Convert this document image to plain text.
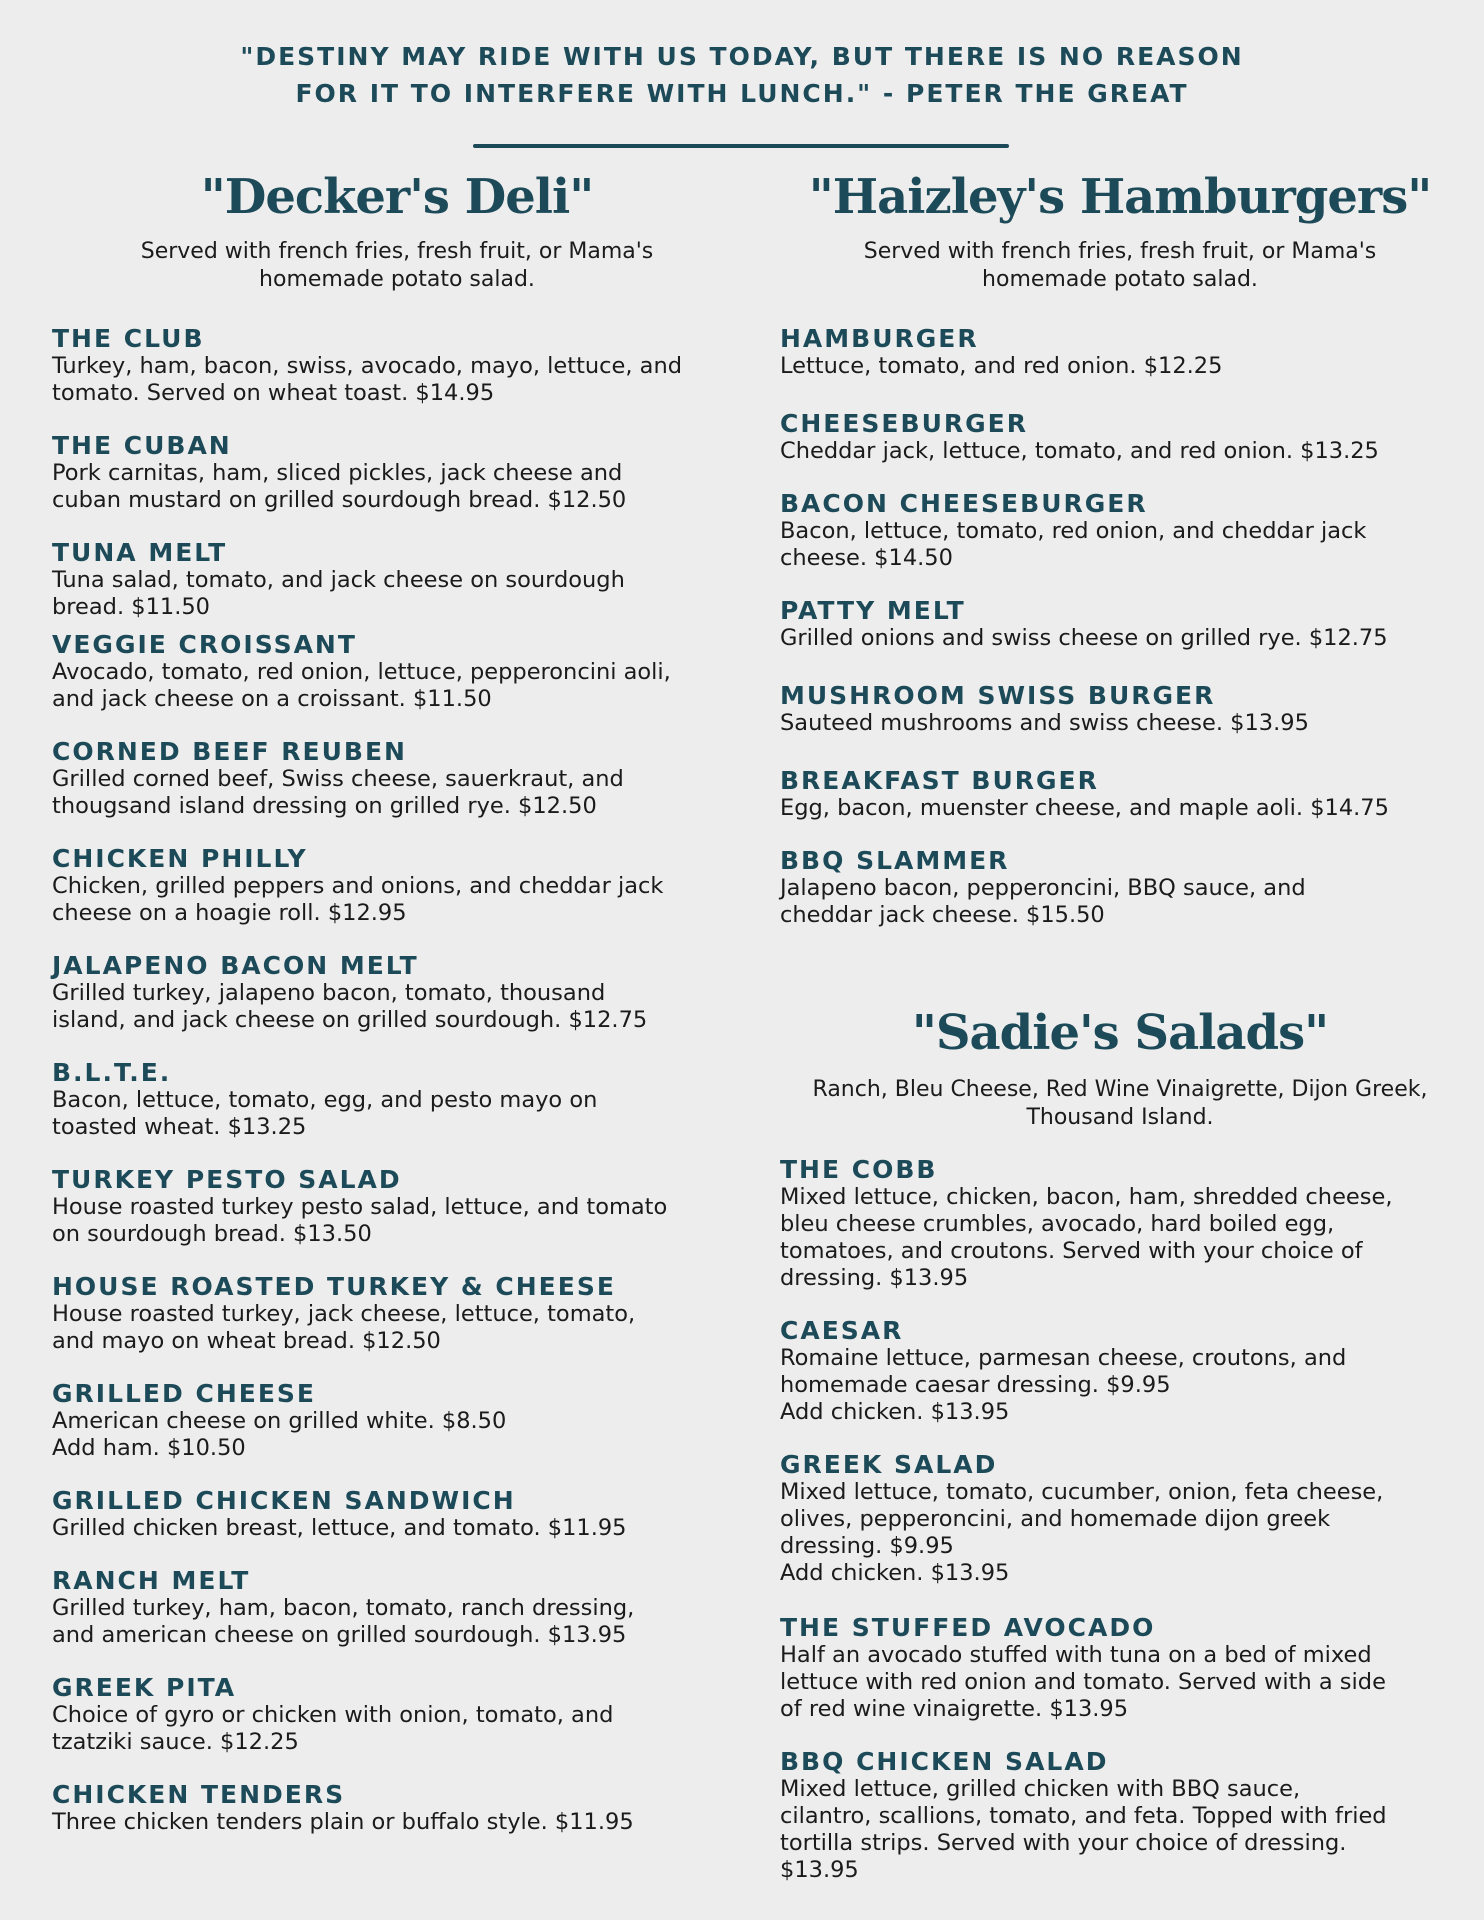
"DESTINY MAY RIDE WITH US TODAY, BUT THERE IS NO REASON
FOR IT TO INTERFERE WITH LUNCH." - PETER THE GREAT
"Decker's Deli"
Served with french fries, fresh fruit, or Mama's
homemade potato salad.
THE CLUB
Turkey, ham, bacon, swiss, avocado, mayo, lettuce, and
tomato. Served on wheat toast. $14.95
THE CUBAN
Pork carnitas, ham, sliced pickles, jack cheese and
cuban mustard on grilled sourdough bread. $12.50
TUNA MELT
Tuna salad, tomato, and jack cheese on sourdough
bread. $11.50
VEGGIE CROISSANT
Avocado, tomato, red onion, lettuce, pepperoncini aoli,
and jack cheese on a croissant. $11.50
CORNED BEEF REUBEN
Grilled corned beef, Swiss cheese, sauerkraut, and
thougsand island dressing on grilled rye. $12.50
CHICKEN PHILLY
Chicken, grilled peppers and onions, and cheddar jack
cheese on a hoagie roll. $12.95
JALAPENO BACON MELT
Grilled turkey, jalapeno bacon, tomato, thousand
island, and jack cheese on grilled sourdough. $12.75
B.L.T.E.
Bacon, lettuce, tomato, egg, and pesto mayo on
toasted wheat. $13.25
TURKEY PESTO SALAD
House roasted turkey pesto salad, lettuce, and tomato
on sourdough bread. $13.50
HOUSE ROASTED TURKEY & CHEESE
House roasted turkey, jack cheese, lettuce, tomato,
and mayo on wheat bread. $12.50
GRILLED CHEESE
American cheese on grilled white. $8.50
Add ham. $10.50
GRILLED CHICKEN SANDWICH
Grilled chicken breast, lettuce, and tomato. $11.95
RANCH MELT
Grilled turkey, ham, bacon, tomato, ranch dressing,
and american cheese on grilled sourdough. $13.95
GREEK PITA
Choice of gyro or chicken with onion, tomato, and
tzatziki sauce. $12.25
CHICKEN TENDERS
Three chicken tenders plain or buffalo style. $11.95
"Haizley's Hamburgers"
Served with french fries, fresh fruit, or Mama's
homemade potato salad.
HAMBURGER
Lettuce, tomato, and red onion. $12.25
CHEESEBURGER
Cheddar jack, lettuce, tomato, and red onion. $13.25
BACON CHEESEBURGER
Bacon, lettuce, tomato, red onion, and cheddar jack
cheese. $14.50
PATTY MELT
Grilled onions and swiss cheese on grilled rye. $12.75
MUSHROOM SWISS BURGER
Sauteed mushrooms and swiss cheese. $13.95
BREAKFAST BURGER
Egg, bacon, muenster cheese, and maple aoli. $14.75
BBQ SLAMMER
Jalapeno bacon, pepperoncini, BBQ sauce, and
cheddar jack cheese. $15.50
"Sadie's Salads"
Ranch, Bleu Cheese, Red Wine Vinaigrette, Dijon Greek,
Thousand Island.
THE COBB
Mixed lettuce, chicken, bacon, ham, shredded cheese,
bleu cheese crumbles, avocado, hard boiled egg,
tomatoes, and croutons. Served with your choice of
dressing. $13.95
CAESAR
Romaine lettuce, parmesan cheese, croutons, and
homemade caesar dressing. $9.95
Add chicken. $13.95
GREEK SALAD
Mixed lettuce, tomato, cucumber, onion, feta cheese,
olives, pepperoncini, and homemade dijon greek
dressing. $9.95
Add chicken. $13.95
THE STUFFED AVOCADO
Half an avocado stuffed with tuna on a bed of mixed
lettuce with red onion and tomato. Served with a side
of red wine vinaigrette. $13.95
BBQ CHICKEN SALAD
Mixed lettuce, grilled chicken with BBQ sauce,
cilantro, scallions, tomato, and feta. Topped with fried
tortilla strips. Served with your choice of dressing.
$13.95
